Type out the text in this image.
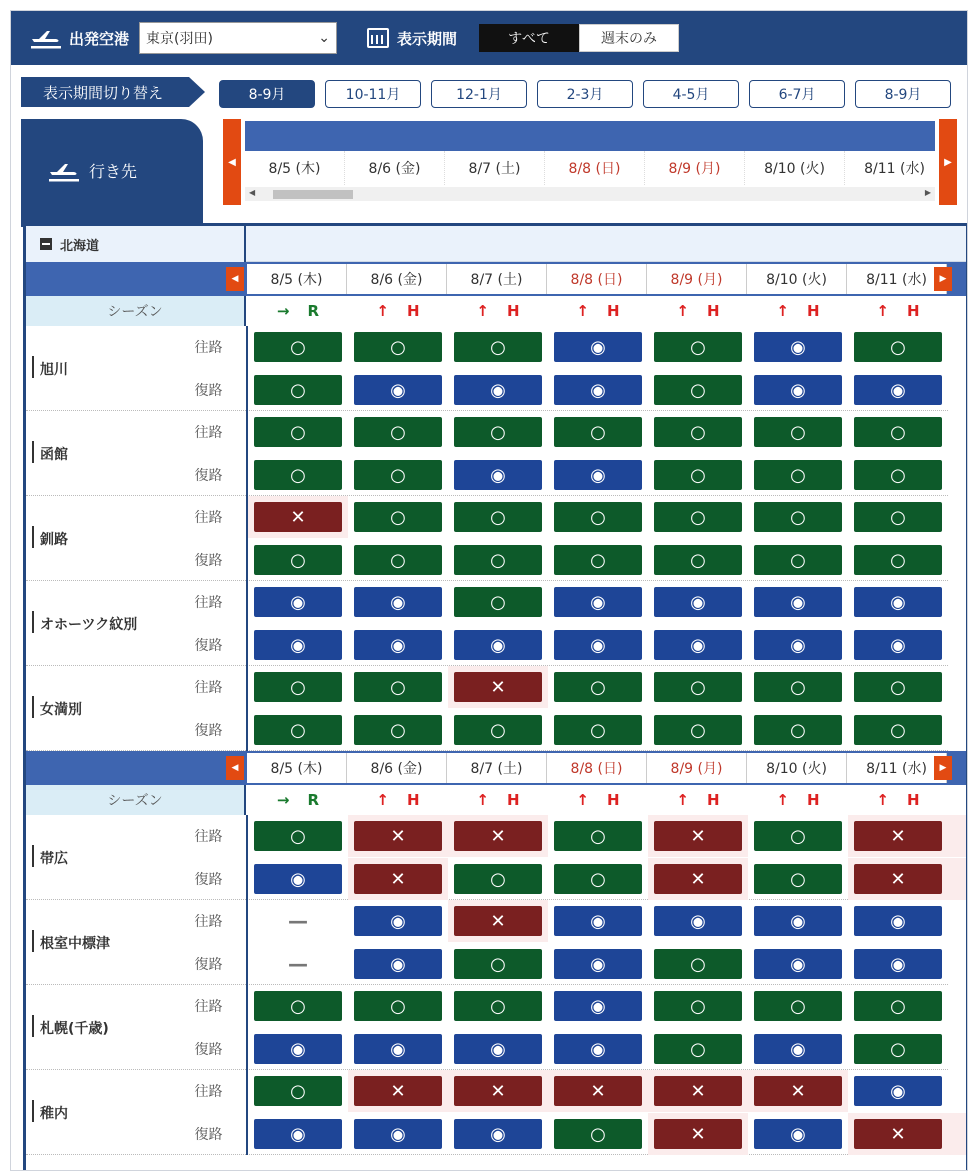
出発空港 東京(羽田)	⌄	表示期間	すべて	週末のみ
表示期間切り替え	8-9月	10-11月	12-1月	2-3月	4-5月	6-7月	8-9月
行き先	◀	8/5 (木)	8/6 (金)	8/7 (土)	8/8 (日)	8/9 (月)	8/10 (火)	8/11 (水)
◀	▶
▶
北海道
◀	8/5 (木)	8/6 (金)	8/7 (土)	8/8 (日)	8/9 (月)	8/10 (火)	8/11 (水)	▶
シーズン	→ R	↑ H	↑ H	↑ H	↑ H	↑ H	↑ H
旭川
往路	○	○	○	◉	○	◉	○
復路	○	◉	◉	◉	○	◉	◉
函館
往路	○	○	○	○	○	○	○
復路	○	○	◉	◉	○	○	○
釧路
往路	✕	○	○	○	○	○	○
復路	○	○	○	○	○	○	○
オホーツク紋別
往路	◉	◉	○	◉	◉	◉	◉
復路	◉	◉	◉	◉	◉	◉	◉
女満別
往路	○	○	✕	○	○	○	○
復路	○	○	○	○	○	○	○
◀	8/5 (木)	8/6 (金)	8/7 (土)	8/8 (日)	8/9 (月)	8/10 (火)	8/11 (水)	▶
シーズン	→ R	↑ H	↑ H	↑ H	↑ H	↑ H	↑ H
帯広
往路	○	✕	✕	○	✕	○	✕
復路	◉	✕	○	○	✕	○	✕
根室中標津
往路	—	◉	✕	◉	◉	◉	◉
復路	—	◉	○	◉	○	◉	◉
札幌(千歳)
往路	○	○	○	◉	○	○	○
復路	◉	◉	◉	◉	○	◉	○
稚内
往路	○	✕	✕	✕	✕	✕	◉
復路	◉	◉	◉	○	✕	◉	✕
